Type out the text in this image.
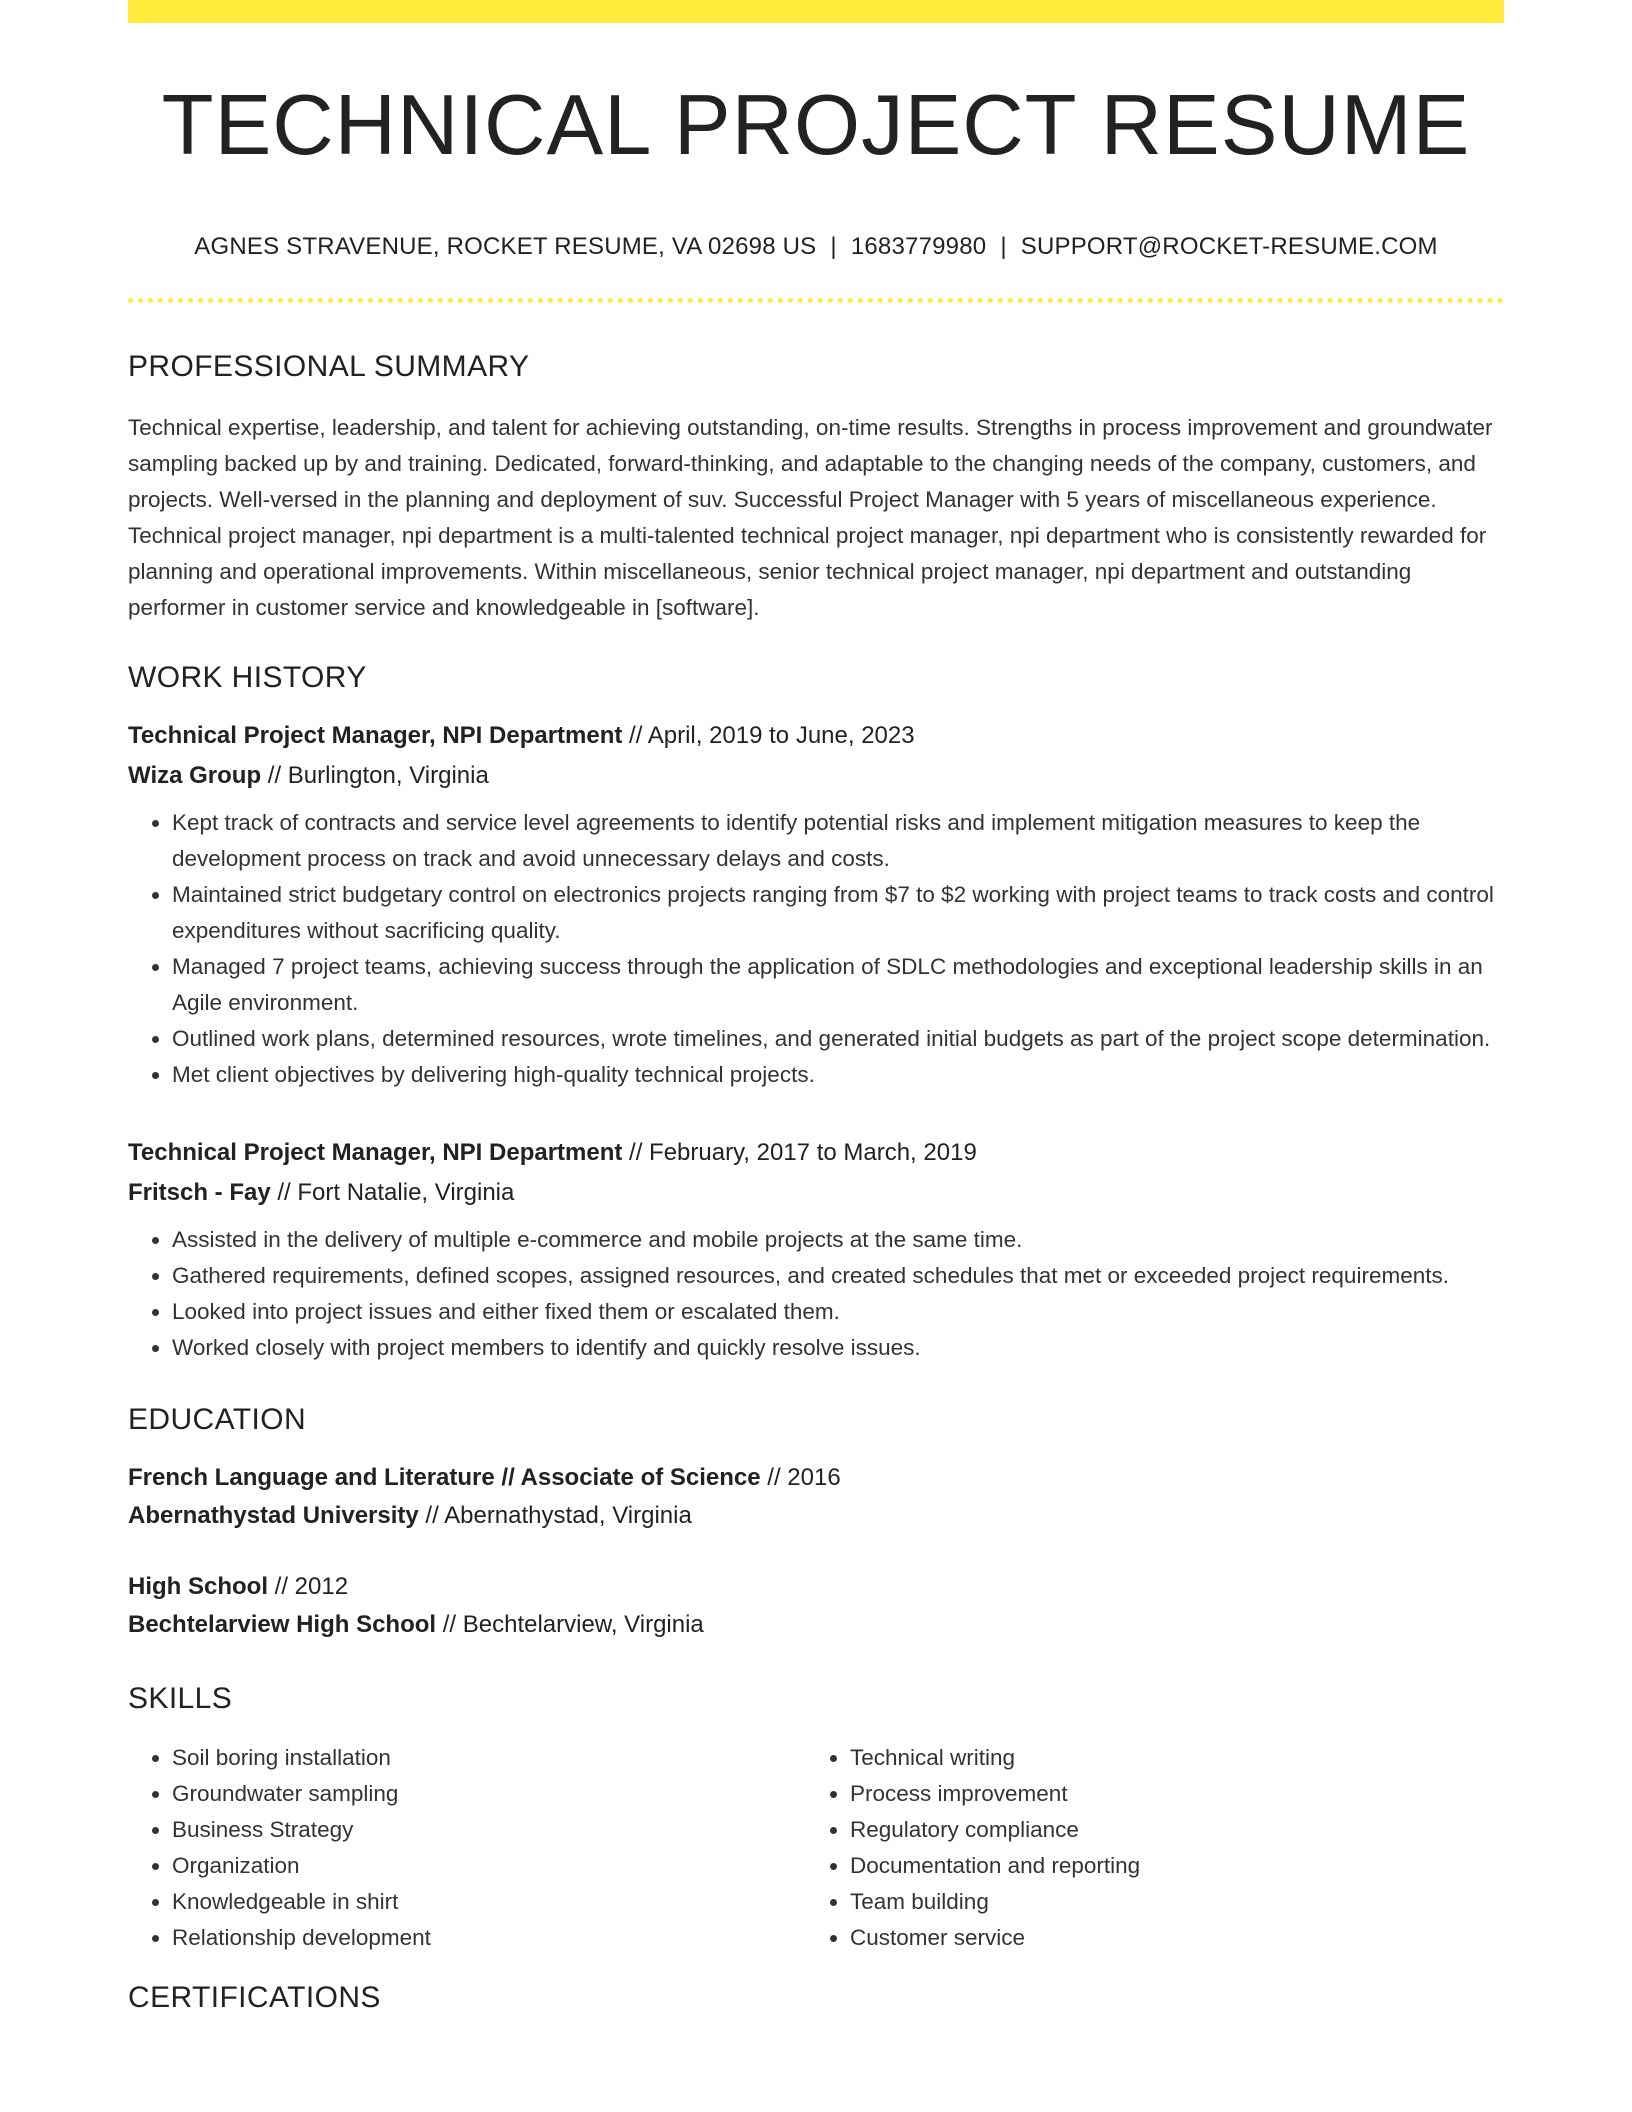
TECHNICAL PROJECT RESUME
AGNES STRAVENUE, ROCKET RESUME, VA 02698 US | 1683779980 | SUPPORT@ROCKET-RESUME.COM
PROFESSIONAL SUMMARY
Technical expertise, leadership, and talent for achieving outstanding, on-time results. Strengths in process improvement and groundwater sampling backed up by and training. Dedicated, forward-thinking, and adaptable to the changing needs of the company, customers, and projects. Well-versed in the planning and deployment of suv. Successful Project Manager with 5 years of miscellaneous experience. Technical project manager, npi department is a multi-talented technical project manager, npi department who is consistently rewarded for planning and operational improvements. Within miscellaneous, senior technical project manager, npi department and outstanding performer in customer service and knowledgeable in [software].
WORK HISTORY
Technical Project Manager, NPI Department // April, 2019 to June, 2023
Wiza Group // Burlington, Virginia
• Kept track of contracts and service level agreements to identify potential risks and implement mitigation measures to keep the development process on track and avoid unnecessary delays and costs.
• Maintained strict budgetary control on electronics projects ranging from $7 to $2 working with project teams to track costs and control expenditures without sacrificing quality.
• Managed 7 project teams, achieving success through the application of SDLC methodologies and exceptional leadership skills in an Agile environment.
• Outlined work plans, determined resources, wrote timelines, and generated initial budgets as part of the project scope determination.
• Met client objectives by delivering high-quality technical projects.
Technical Project Manager, NPI Department // February, 2017 to March, 2019
Fritsch - Fay // Fort Natalie, Virginia
• Assisted in the delivery of multiple e-commerce and mobile projects at the same time.
• Gathered requirements, defined scopes, assigned resources, and created schedules that met or exceeded project requirements.
• Looked into project issues and either fixed them or escalated them.
• Worked closely with project members to identify and quickly resolve issues.
EDUCATION
French Language and Literature // Associate of Science // 2016
Abernathystad University // Abernathystad, Virginia
High School // 2012
Bechtelarview High School // Bechtelarview, Virginia
SKILLS
• Soil boring installation
• Groundwater sampling
• Business Strategy
• Organization
• Knowledgeable in shirt
• Relationship development
• Technical writing
• Process improvement
• Regulatory compliance
• Documentation and reporting
• Team building
• Customer service
CERTIFICATIONS
